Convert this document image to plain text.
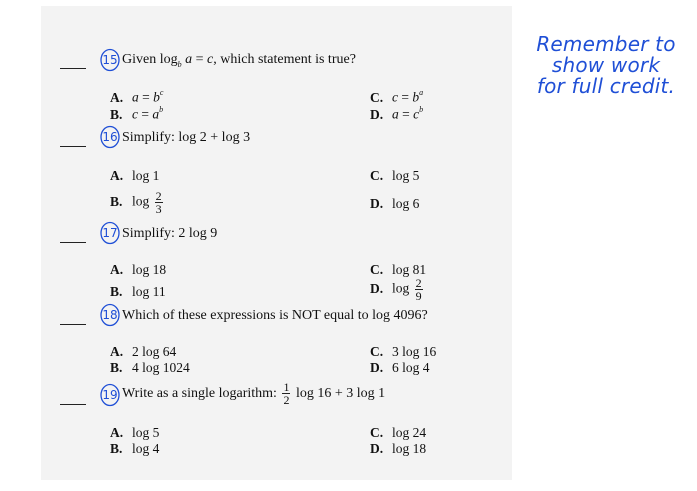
Remember to
show work
for full credit.
15 Given $\log_b a = c$, which statement is true?
A. $a = b^c$
B. $c = a^b$
C. $c = b^a$
D. $a = c^b$
16 Simplify: log 2 + log 3
A. log 1
B. $\log \frac{2}{3}$
C. log 5
D. log 6
17 Simplify: 2 log 9
A. log 18
B. log 11
C. log 81
D. $\log \frac{2}{9}$
18 Which of these expressions is NOT equal to log 4096?
A. 2 log 64
B. 4 log 1024
C. 3 log 16
D. 6 log 4
19 Write as a single logarithm: $\frac{1}{2}$ log 16 + 3 log 1
A. log 5
B. log 4
C. log 24
D. log 18
